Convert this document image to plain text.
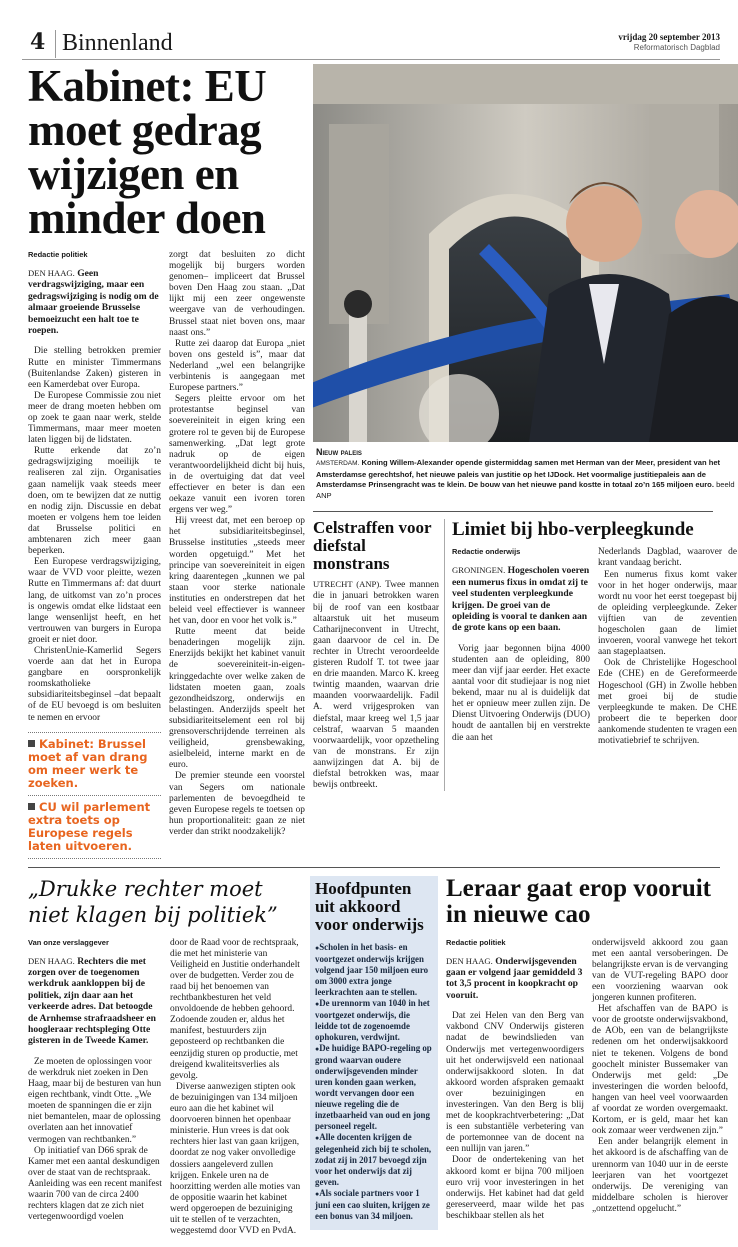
4 Binnenland	vrijdag 20 september 2013
Reformatorisch Dagblad
Kabinet: EU moet gedrag wijzigen en minder doen
Redactie politiek
DEN HAAG. Geen verdragswijziging, maar een gedragswijziging is nodig om de almaar groeiende Brusselse bemoeizucht een halt toe te roepen.

Die stelling betrokken premier Rutte en minister Timmermans (Buitenlandse Zaken) gisteren in een Kamerdebat over Europa.

De Europese Commissie zou niet meer de drang moeten hebben om op zoek te gaan naar werk, stelde Timmermans, maar meer moeten laten liggen bij de lidstaten.

Rutte erkende dat zo’n gedragswijziging moeilijk te realiseren zal zijn. Organisaties gaan namelijk vaak steeds meer doen, om te bewijzen dat ze nuttig en nodig zijn. Discussie en debat moeten er volgens hem toe leiden dat Brusselse politici en ambtenaren zich meer gaan beperken.

Een Europese verdragswijziging, waar de VVD voor pleitte, wezen Rutte en Timmermans af: dat duurt lang, de uitkomst van zo’n proces is ongewis omdat elke lidstaat een lange wensenlijst heeft, en het vertrouwen van burgers in Europa groeit er niet door.

ChristenUnie-Kamerlid Segers voerde aan dat het in Europa gangbare en oorspronkelijk roomskatholieke subsidiariteitsbeginsel –dat bepaalt of de EU bevoegd is om besluiten te nemen en ervoor

Kabinet: Brussel moet af van drang om meer werk te zoeken.
CU wil parlement extra toets op Europese regels laten uitvoeren.

zorgt dat besluiten zo dicht mogelijk bij burgers worden genomen– impliceert dat Brussel boven Den Haag zou staan. „Dat lijkt mij een zeer ongewenste weergave van de verhoudingen. Brussel staat niet boven ons, maar naast ons.”

Rutte zei daarop dat Europa „niet boven ons gesteld is”, maar dat Nederland „wel een belangrijke verbintenis is aangegaan met Europese partners.”

Segers pleitte ervoor om het protestantse beginsel van soevereiniteit in eigen kring een grotere rol te geven bij de Europese samenwerking. „Dat legt grote nadruk op de eigen verantwoordelijkheid dicht bij huis, in de overtuiging dat dat veel effectiever en beter is dan een oekaze vanuit een ivoren toren ergens ver weg.”

Hij vreest dat, met een beroep op het subsidiariteitsbeginsel, Brusselse instituties „steeds meer worden opgetuigd.” Met het principe van soevereiniteit in eigen kring daarentegen „kunnen we pal staan voor sterke nationale instituties en onderstrepen dat het beleid veel effectiever is wanneer het van, door en voor het volk is.”

Rutte meent dat beide benaderingen mogelijk zijn. Enerzijds bekijkt het kabinet vanuit de soevereiniteit-in-eigen-kringgedachte over welke zaken de lidstaten moeten gaan, zoals gezondheidszorg, onderwijs en belastingen. Anderzijds speelt het subsidiariteitselement een rol bij grensoverschrijdende terreinen als veiligheid, grensbewaking, asielbeleid, interne markt en de euro.

De premier steunde een voorstel van Segers om nationale parlementen de bevoegdheid te geven Europese regels te toetsen op hun proportionaliteit: gaan ze niet verder dan strikt noodzakelijk?

Nieuw paleis
AMSTERDAM. Koning Willem-Alexander opende gistermiddag samen met Herman van der Meer, president van het Amsterdamse gerechtshof, het nieuwe paleis van justitie op het IJDock. Het voormalige justitiepaleis aan de Amsterdamse Prinsengracht was te klein. De bouw van het nieuwe pand kostte in totaal zo’n 165 miljoen euro. beeld ANP
Celstraffen voor diefstal monstrans

UTRECHT (ANP). Twee mannen die in januari betrokken waren bij de roof van een kostbaar altaarstuk uit het museum Catharijneconvent in Utrecht, gaan daarvoor de cel in. De rechter in Utrecht veroordeelde gisteren Rudolf T. tot twee jaar en drie maanden. Marco K. kreeg twintig maanden, waarvan drie maanden voorwaardelijk. Fadil A. werd vrijgesproken van diefstal, maar kreeg wel 1,5 jaar celstraf, waarvan 5 maanden voorwaardelijk, voor opzetheling van de monstrans. Er zijn aanwijzingen dat A. bij de diefstal betrokken was, maar bewijs ontbreekt.

Limiet bij hbo-verpleegkunde
Redactie onderwijs
GRONINGEN. Hogescholen voeren een numerus fixus in omdat zij te veel studenten verpleegkunde krijgen. De groei van de opleiding is vooral te danken aan de grote kans op een baan.

Vorig jaar begonnen bijna 4000 studenten aan de opleiding, 800 meer dan vijf jaar eerder. Het exacte aantal voor dit studiejaar is nog niet bekend, maar nu al is duidelijk dat het er opnieuw meer zullen zijn. De Dienst Uitvoering Onderwijs (DUO) houdt de aantallen bij en verstrekte die aan het

Nederlands Dagblad, waarover de krant vandaag bericht.

Een numerus fixus komt vaker voor in het hoger onderwijs, maar wordt nu voor het eerst toegepast bij de opleiding verpleegkunde. Zeker vijftien van de zeventien hogescholen gaan de limiet invoeren, vooral vanwege het tekort aan stageplaatsen.

Ook de Christelijke Hogeschool Ede (CHE) en de Gereformeerde Hogeschool (GH) in Zwolle hebben met groei bij de studie verpleegkunde te maken. De CHE probeert die te beperken door aankomende studenten te vragen een motivatiebrief te schrijven.

„Drukke rechter moet niet klagen bij politiek”
Van onze verslaggever
DEN HAAG. Rechters die met zorgen over de toegenomen werkdruk aankloppen bij de politiek, zijn daar aan het verkeerde adres. Dat betoogde de Arnhemse strafraadsheer en hoogleraar rechtspleging Otte gisteren in de Tweede Kamer.

Ze moeten de oplossingen voor de werkdruk niet zoeken in Den Haag, maar bij de besturen van hun eigen rechtbank, vindt Otte. „We moeten de spanningen die er zijn niet bemantelen, maar de oplossing overlaten aan het innovatief vermogen van rechtbanken.”

Op initiatief van D66 sprak de Kamer met een aantal deskundigen over de staat van de rechtspraak. Aanleiding was een recent manifest waarin 700 van de circa 2400 rechters klagen dat ze zich niet vertegenwoordigd voelen

door de Raad voor de rechtspraak, die met het ministerie van Veiligheid en Justitie onderhandelt over de budgetten. Verder zou de raad bij het benoemen van rechtbankbesturen het veld onvoldoende de hebben gehoord. Zodoende zouden er, aldus het manifest, bestuurders zijn geposteerd op rechtbanken die eenzijdig sturen op productie, met dreigend kwaliteitsverlies als gevolg.

Diverse aanwezigen stipten ook de bezuinigingen van 134 miljoen euro aan die het kabinet wil doorvoeren binnen het openbaar ministerie. Hun vrees is dat ook rechters hier last van gaan krijgen, doordat ze nog vaker onvolledige dossiers aangeleverd zullen krijgen. Enkele uren na de hoorzitting werden alle moties van de oppositie waarin het kabinet werd opgeroepen de bezuiniging uit te stellen of te verzachten, weggestemd door VVD en PvdA.

Hoofdpunten uit akkoord voor onderwijs
● Scholen in het basis- en voortgezet onderwijs krijgen volgend jaar 150 miljoen euro om 3000 extra jonge leerkrachten aan te stellen.
● De urennorm van 1040 in het voortgezet onderwijs, die leidde tot de zogenoemde ophokuren, verdwijnt.
● De huidige BAPO-regeling op grond waarvan oudere onderwijsgevenden minder uren konden gaan werken, wordt vervangen door een nieuwe regeling die de inzetbaarheid van oud en jong personeel regelt.
● Alle docenten krijgen de gelegenheid zich bij te scholen, zodat zij in 2017 bevoegd zijn voor het onderwijs dat zij geven.
● Als sociale partners voor 1 juni een cao sluiten, krijgen ze een bonus van 34 miljoen.
Leraar gaat erop vooruit in nieuwe cao
Redactie politiek
DEN HAAG. Onderwijsgevenden gaan er volgend jaar gemiddeld 3 tot 3,5 procent in koopkracht op vooruit.

Dat zei Helen van den Berg van vakbond CNV Onderwijs gisteren nadat de bewindslieden van Onderwijs met vertegenwoordigers uit het onderwijsveld een nationaal onderwijsakkoord sloten. In dat akkoord worden afspraken gemaakt over bezuinigingen en investeringen. Van den Berg is blij met de koopkrachtverbetering: „Dat is een substantiële verbetering van de portemonnee van de docent na een nullijn van jaren.”

Door de ondertekening van het akkoord komt er bijna 700 miljoen euro vrij voor investeringen in het onderwijs. Het kabinet had dat geld gereserveerd, maar wilde het pas beschikbaar stellen als het

onderwijsveld akkoord zou gaan met een aantal versoberingen. De belangrijkste ervan is de vervanging van de VUT-regeling BAPO door een voorziening waarvan ook jongeren kunnen profiteren.

Het afschaffen van de BAPO is voor de grootste onderwijsvakbond, de AOb, een van de belangrijkste redenen om het onderwijsakkoord niet te tekenen. Volgens de bond goochelt minister Bussemaker van Onderwijs met geld: „De investeringen die worden beloofd, hangen van heel veel voorwaarden af voordat ze worden overgemaakt. Kortom, er is geld, maar het kan ook zomaar weer verdwenen zijn.”

Een ander belangrijk element in het akkoord is de afschaffing van de urennorm van 1040 uur in de eerste leerjaren van het voortgezet onderwijs. De vereniging van middelbare scholen is hierover „ontzettend opgelucht.”
